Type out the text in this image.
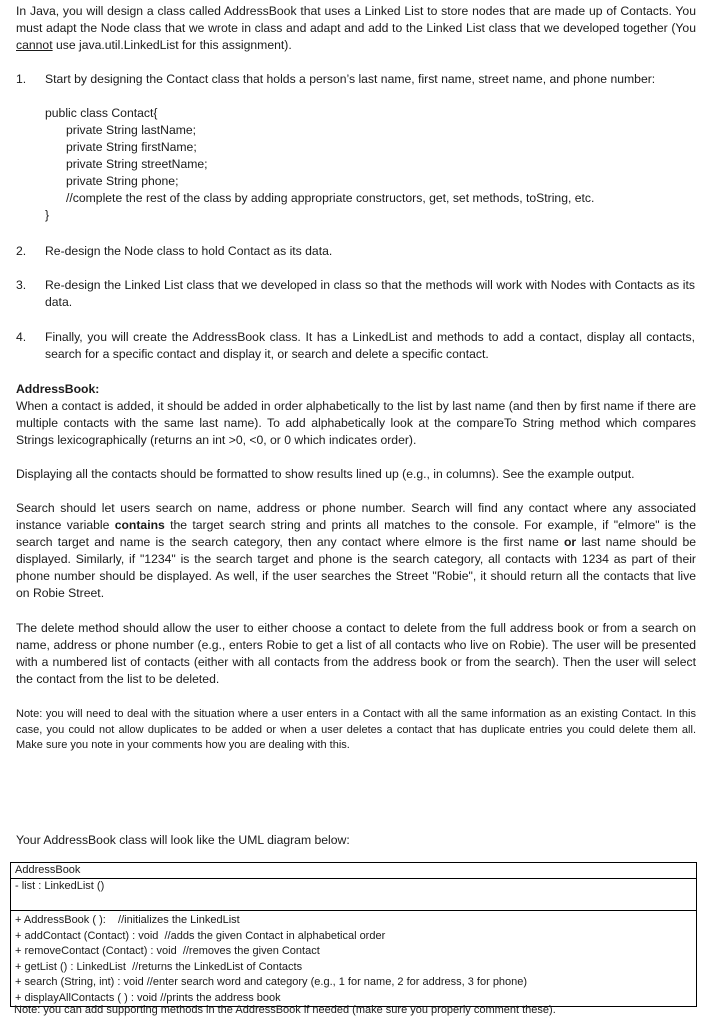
In Java, you will design a class called AddressBook that uses a Linked List to store nodes that are made up of Contacts. You must adapt the Node class that we wrote in class and adapt and add to the Linked List class that we developed together (You cannot use java.util.LinkedList for this assignment).

1.	Start by designing the Contact class that holds a person’s last name, first name, street name, and phone number:
public class Contact{
private String lastName;
private String firstName;
private String streetName;
private String phone;
//complete the rest of the class by adding appropriate constructors, get, set methods, toString, etc.
}
2.	Re-design the Node class to hold Contact as its data.
3.	Re-design the Linked List class that we developed in class so that the methods will work with Nodes with Contacts as its data.
4.	Finally, you will create the AddressBook class. It has a LinkedList and methods to add a contact, display all contacts, search for a specific contact and display it, or search and delete a specific contact.
AddressBook:

When a contact is added, it should be added in order alphabetically to the list by last name (and then by first name if there are multiple contacts with the same last name). To add alphabetically look at the compareTo String method which compares Strings lexicographically (returns an int >0, <0, or 0 which indicates order).

Displaying all the contacts should be formatted to show results lined up (e.g., in columns). See the example output.

Search should let users search on name, address or phone number. Search will find any contact where any associated instance variable contains the target search string and prints all matches to the console. For example, if "elmore" is the search target and name is the search category, then any contact where elmore is the first name or last name should be displayed. Similarly, if "1234" is the search target and phone is the search category, all contacts with 1234 as part of their phone number should be displayed. As well, if the user searches the Street "Robie", it should return all the contacts that live on Robie Street.

The delete method should allow the user to either choose a contact to delete from the full address book or from a search on name, address or phone number (e.g., enters Robie to get a list of all contacts who live on Robie). The user will be presented with a numbered list of contacts (either with all contacts from the address book or from the search). Then the user will select the contact from the list to be deleted.

Note: you will need to deal with the situation where a user enters in a Contact with all the same information as an existing Contact. In this case, you could not allow duplicates to be added or when a user deletes a contact that has duplicate entries you could delete them all. Make sure you note in your comments how you are dealing with this.

Your AddressBook class will look like the UML diagram below:

AddressBook
- list : LinkedList ()
+ AddressBook ( ):    //initializes the LinkedList
+ addContact (Contact) : void  //adds the given Contact in alphabetical order
+ removeContact (Contact) : void  //removes the given Contact
+ getList () : LinkedList  //returns the LinkedList of Contacts
+ search (String, int) : void //enter search word and category (e.g., 1 for name, 2 for address, 3 for phone)
+ displayAllContacts ( ) : void //prints the address book
Note: you can add supporting methods in the AddressBook if needed (make sure you properly comment these).
